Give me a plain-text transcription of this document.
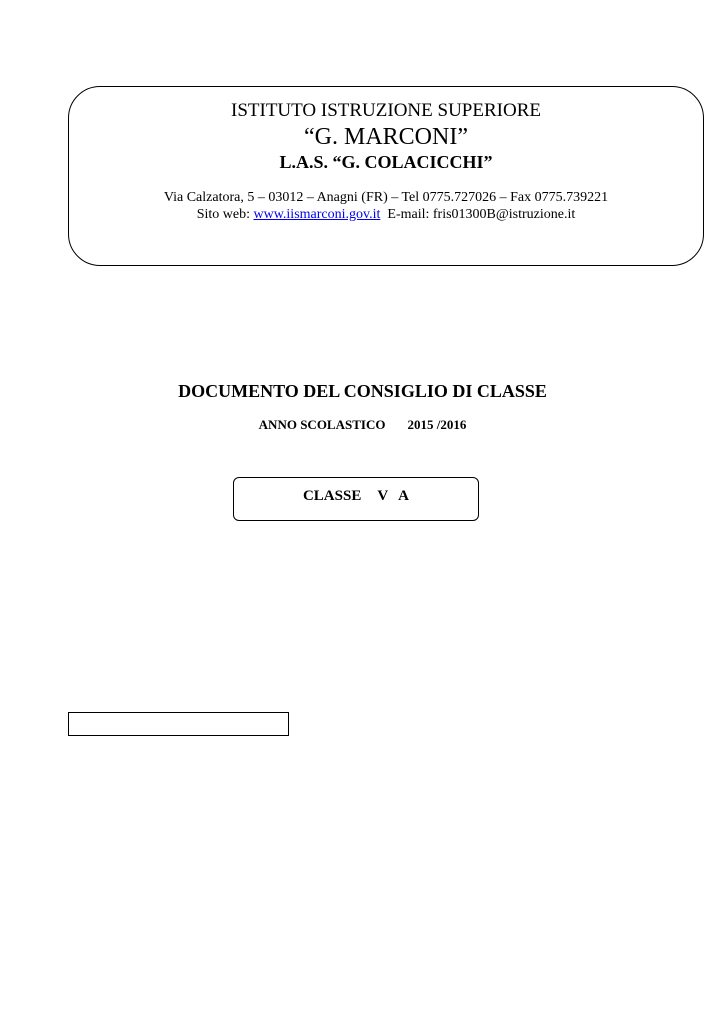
ISTITUTO ISTRUZIONE SUPERIORE
“G. MARCONI”
L.A.S. “G. COLACICCHI”
Via Calzatora, 5 – 03012 – Anagni (FR) – Tel 0775.727026 – Fax 0775.739221
Sito web: www.iismarconi.gov.it E-mail: fris01300B@istruzione.it
DOCUMENTO DEL CONSIGLIO DI CLASSE
ANNO SCOLASTICO 2015 /2016
CLASSE V A
